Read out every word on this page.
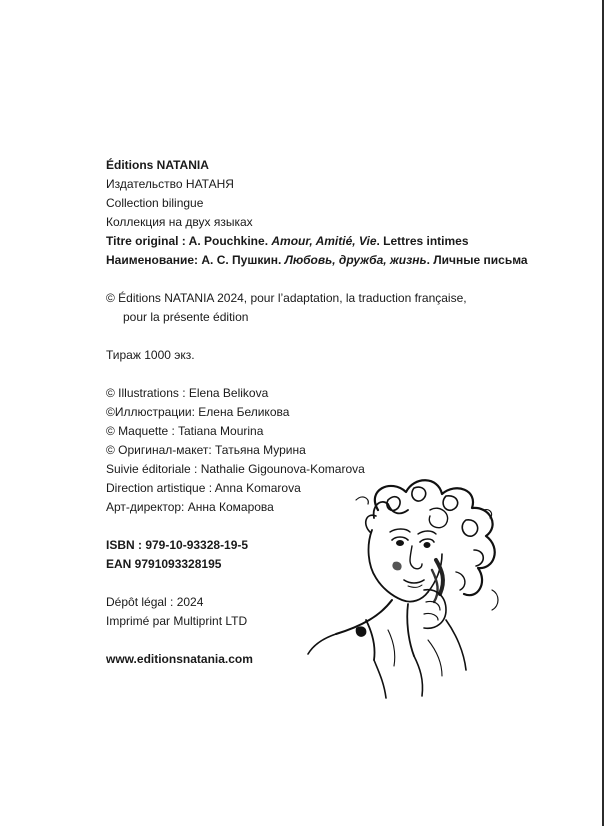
Éditions NATANIA
Издательство НАТАНЯ
Collection bilingue
Коллекция на двух языках
Titre original : A. Pouchkine. Amour, Amitié, Vie. Lettres intimes
Наименование: А. С. Пушкин. Любовь, дружба, жизнь. Личные письма
© Éditions NATANIA 2024, pour l’adaptation, la traduction française,
pour la présente édition
Тираж 1000 экз.
© Illustrations : Elena Belikova
©Иллюстрации: Елена Беликова
© Maquette : Tatiana Mourina
© Оригинал-макет: Татьяна Мурина
Suivie éditoriale : Nathalie Gigounova-Komarova
Direction artistique : Anna Komarova
Арт-директор: Анна Комарова
ISBN : 979-10-93328-19-5
EAN 9791093328195
Dépôt légal : 2024
Imprimé par Multiprint LTD
www.editionsnatania.com
